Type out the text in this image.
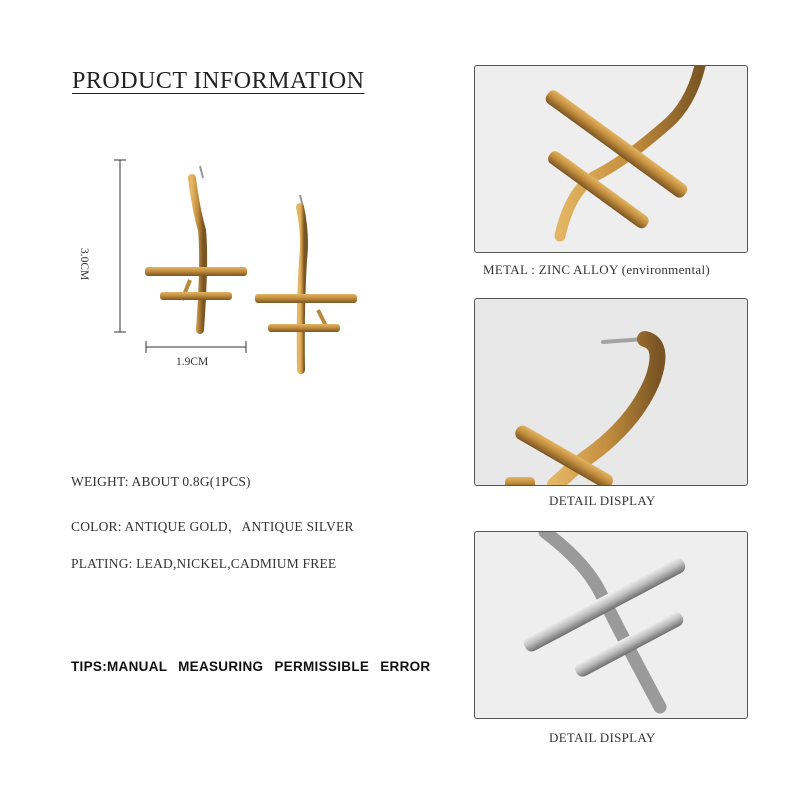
PRODUCT INFORMATION
3.0CM
1.9CM
WEIGHT: ABOUT 0.8G(1PCS)
COLOR: ANTIQUE GOLD，ANTIQUE SILVER
PLATING: LEAD,NICKEL,CADMIUM FREE
TIPS:MANUAL MEASURING PERMISSIBLE ERROR
METAL : ZINC ALLOY (environmental)
DETAIL DISPLAY
DETAIL DISPLAY
